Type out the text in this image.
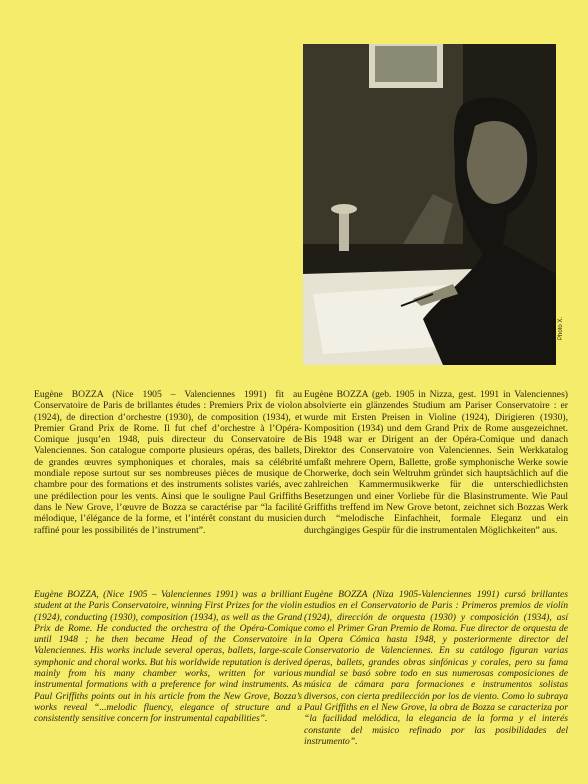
Photo X.

Eugène BOZZA (Nice 1905 – Valenciennes 1991) fit au Conservatoire de Paris de brillantes études : Premiers Prix de violon (1924), de direction d’orchestre (1930), de composition (1934), et Premier Grand Prix de Rome. Il fut chef d’orchestre à l’Opéra-Comique jusqu’en 1948, puis directeur du Conservatoire de Valenciennes. Son catalogue comporte plusieurs opéras, des ballets, de grandes œuvres symphoniques et chorales, mais sa célébrité mondiale repose surtout sur ses nombreuses pièces de musique de chambre pour des formations et des instruments solistes variés, avec une prédilection pour les vents. Ainsi que le souligne Paul Griffiths dans le New Grove, l’œuvre de Bozza se caractérise par “la facilité mélodique, l’élégance de la forme, et l’intérêt constant du musicien raffiné pour les possibilités de l’instrument”.

Eugène BOZZA, (Nice 1905 – Valenciennes 1991) was a brilliant student at the Paris Conservatoire, winning First Prizes for the violin (1924), conducting (1930), composition (1934), as well as the Grand Prix de Rome. He conducted the orchestra of the Opéra-Comique until 1948 ; he then became Head of the Conservatoire in Valenciennes. His works include several operas, ballets, large-scale symphonic and choral works. But his worldwide reputation is derived mainly from his many chamber works, written for various instrumental formations with a preference for wind instruments. As Paul Griffiths points out in his article from the New Grove, Bozza’s works reveal “...melodic fluency, elegance of structure and a consistently sensitive concern for instrumental capabilities”.

Eugène BOZZA (geb. 1905 in Nizza, gest. 1991 in Valenciennes) absolvierte ein glänzendes Studium am Pariser Conservatoire : er wurde mit Ersten Preisen in Violine (1924), Dirigieren (1930), Komposition (1934) und dem Grand Prix de Rome ausgezeichnet. Bis 1948 war er Dirigent an der Opéra-Comique und danach Direktor des Conservatoire von Valenciennes. Sein Werkkatalog umfaßt mehrere Opern, Ballette, große symphonische Werke sowie Chorwerke, doch sein Weltruhm gründet sich hauptsächlich auf die zahlreichen Kammermusikwerke für die unterschiedlichsten Besetzungen und einer Vorliebe für die Blasinstrumente. Wie Paul Griffiths treffend im New Grove betont, zeichnet sich Bozzas Werk durch “melodische Einfachheit, formale Eleganz und ein durchgängiges Gespür für die instrumentalen Möglichkeiten” aus.

Eugène BOZZA (Niza 1905-Valenciennes 1991) cursó brillantes estudios en el Conservatorio de Paris : Primeros premios de violín (1924), dirección de orquesta (1930) y composición (1934), así como el Primer Gran Premio de Roma. Fue director de orquesta de la Opera Cómica hasta 1948, y posteriormente director del Conservatorio de Valenciennes. En su catálogo figuran varias óperas, ballets, grandes obras sinfónicas y corales, pero su fama mundial se basó sobre todo en sus numerosas composiciones de música de cámara para formaciones e instrumentos solistas diversos, con cierta predilección por los de viento. Como lo subraya Paul Griffiths en el New Grove, la obra de Bozza se caracteriza por “la facilidad melódica, la elegancia de la forma y el interés constante del músico refinado por las posibilidades del instrumento”.
